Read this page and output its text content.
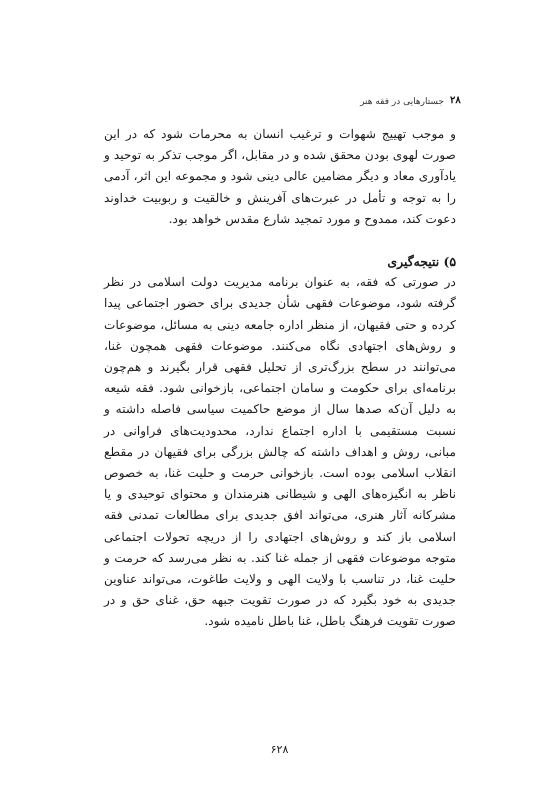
جستارهایی در فقه هنر ٢٨

و موجب تهییج شهوات و ترغیب انسان به محرمات شود که در این صورت لهوی بودن محقق شده و در مقابل، اگر موجب تذکر به توحید و یادآوری معاد و دیگر مضامین عالی دینی شود و مجموعه این اثر، آدمی را به توجه و تأمل در عبرت‌های آفرینش و خالقیت و ربوبیت خداوند دعوت کند، ممدوح و مورد تمجید شارع مقدس خواهد بود.

۵) نتیجه‌گیری

در صورتی که فقه، به عنوان برنامه مدیریت دولت اسلامی در نظر گرفته شود، موضوعات فقهی شأن جدیدی برای حضور اجتماعی پیدا کرده و حتی فقیهان، از منظر اداره جامعه دینی به مسائل، موضوعات و روش‌های اجتهادی نگاه می‌کنند. موضوعات فقهی همچون غنا، می‌توانند در سطح بزرگ‌تری از تحلیل فقهی قرار بگیرند و هم‌چون برنامه‌ای برای حکومت و سامان اجتماعی، بازخوانی شود. فقه شیعه به دلیل آن‌که صدها سال از موضع حاکمیت سیاسی فاصله داشته و نسبت مستقیمی با اداره اجتماع ندارد، محدودیت‌های فراوانی در مبانی، روش و اهداف داشته که چالش بزرگی برای فقیهان در مقطع انقلاب اسلامی بوده است. بازخوانی حرمت و حلیت غنا، به خصوص ناظر به انگیزه‌های الهی و شیطانی هنرمندان و محتوای توحیدی و یا مشرکانه آثار هنری، می‌تواند افق جدیدی برای مطالعات تمدنی فقه اسلامی باز کند و روش‌های اجتهادی را از دریچه تحولات اجتماعی متوجه موضوعات فقهی از جمله غنا کند. به نظر می‌رسد که حرمت و حلیت غنا، در تناسب با ولایت الهی و ولایت طاغوت، می‌تواند عناوین جدیدی به خود بگیرد که در صورت تقویت جبهه حق، غنای حق و در صورت تقویت فرهنگ باطل، غنا باطل نامیده شود.

۶۲۸
